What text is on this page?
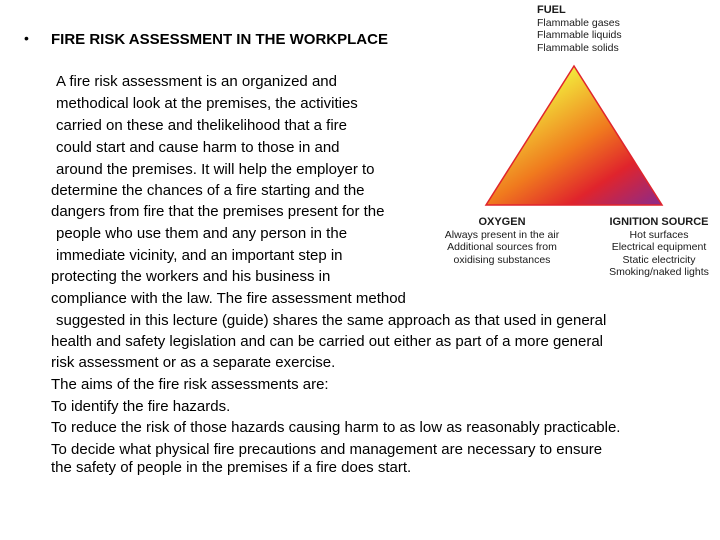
• FIRE RISK ASSESSMENT IN THE WORKPLACE
A fire risk assessment is an organized and
methodical look at the premises, the activities
carried on these and thelikelihood that a fire
could start and cause harm to those in and
around the premises. It will help the employer to
determine the chances of a fire starting and the
dangers from fire that the premises present for the
people who use them and any person in the
immediate vicinity, and an important step in
protecting the workers and his business in
compliance with the law. The fire assessment method
suggested in this lecture (guide) shares the same approach as that used in general
health and safety legislation and can be carried out either as part of a more general
risk assessment or as a separate exercise.
The aims of the fire risk assessments are:
To identify the fire hazards.
To reduce the risk of those hazards causing harm to as low as reasonably practicable.
To decide what physical fire precautions and management are necessary to ensure
the safety of people in the premises if a fire does start.
FUEL
Flammable gases
Flammable liquids
Flammable solids
OXYGEN
Always present in the air
Additional sources from
oxidising substances
IGNITION SOURCE
Hot surfaces
Electrical equipment
Static electricity
Smoking/naked lights
